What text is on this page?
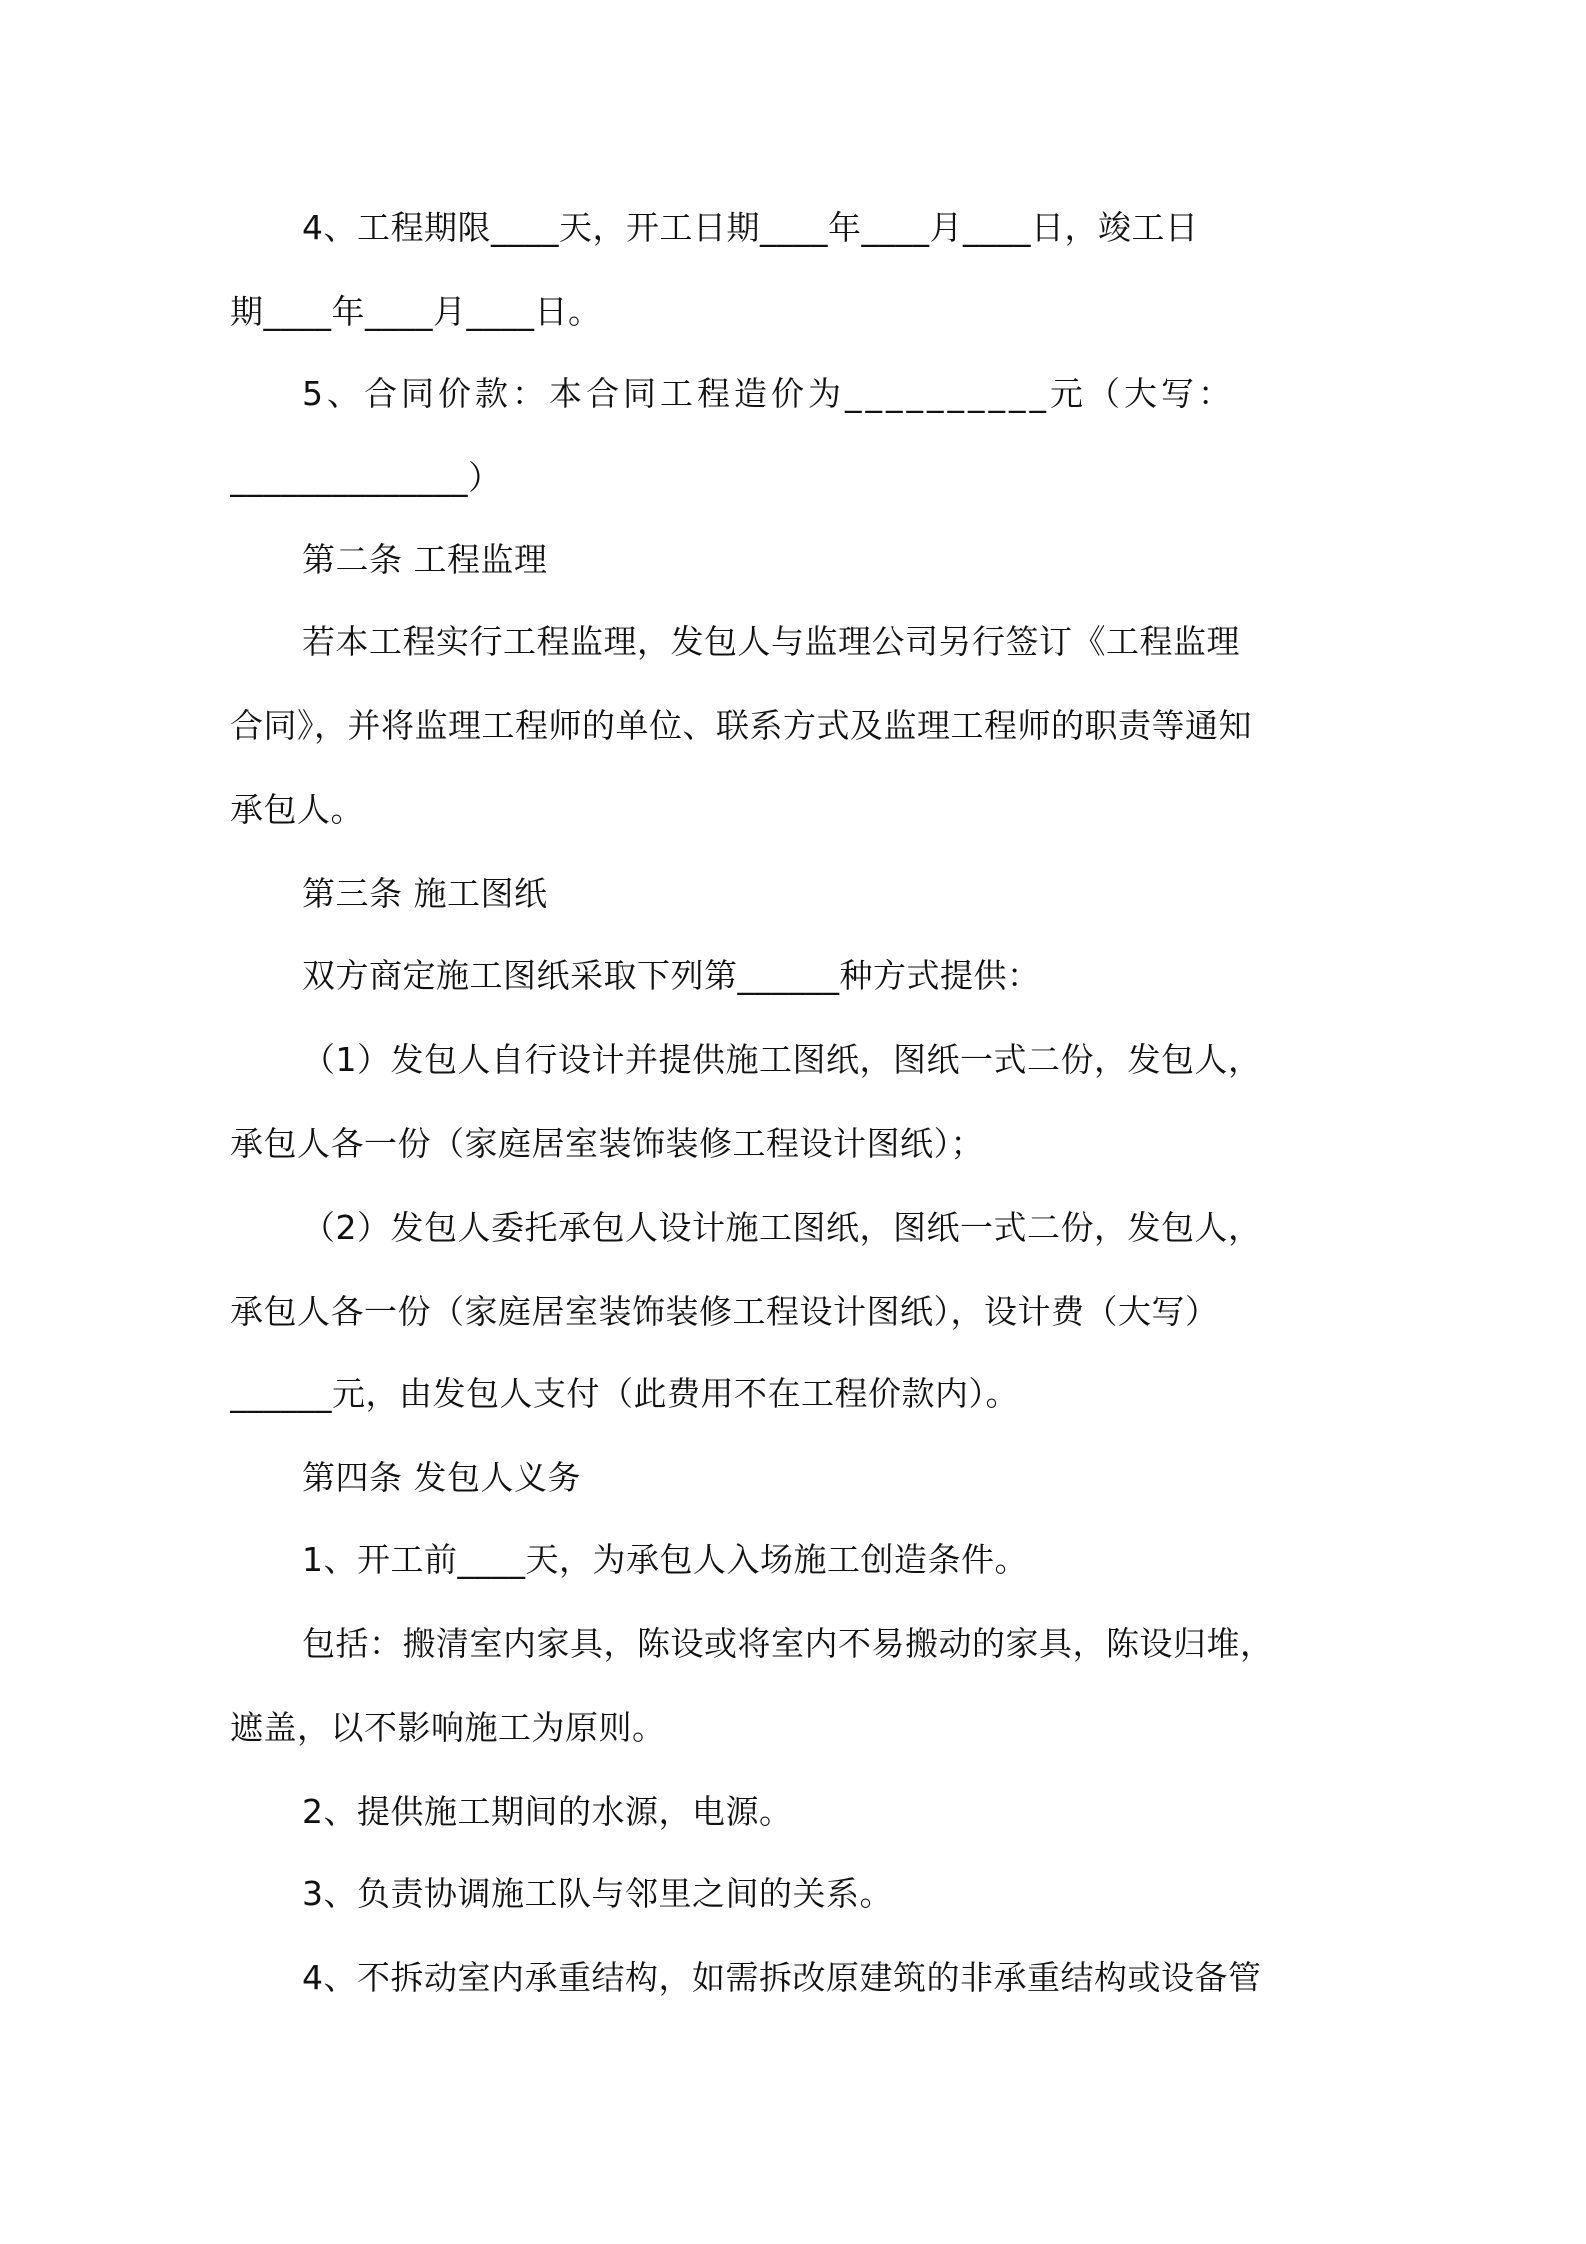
4、工程期限____天，开工日期____年____月____日，竣工日
期____年____月____日。
5、合同价款：本合同工程造价为__________元（大写：
______________）
第二条 工程监理
若本工程实行工程监理，发包人与监理公司另行签订《工程监理
合同》，并将监理工程师的单位、联系方式及监理工程师的职责等通知
承包人。
第三条 施工图纸
双方商定施工图纸采取下列第______种方式提供：
（1）发包人自行设计并提供施工图纸，图纸一式二份，发包人，
承包人各一份（家庭居室装饰装修工程设计图纸）；
（2）发包人委托承包人设计施工图纸，图纸一式二份，发包人，
承包人各一份（家庭居室装饰装修工程设计图纸），设计费（大写）
______元，由发包人支付（此费用不在工程价款内）。
第四条 发包人义务
1、开工前____天，为承包人入场施工创造条件。
包括：搬清室内家具，陈设或将室内不易搬动的家具，陈设归堆，
遮盖，以不影响施工为原则。
2、提供施工期间的水源，电源。
3、负责协调施工队与邻里之间的关系。
4、不拆动室内承重结构，如需拆改原建筑的非承重结构或设备管
